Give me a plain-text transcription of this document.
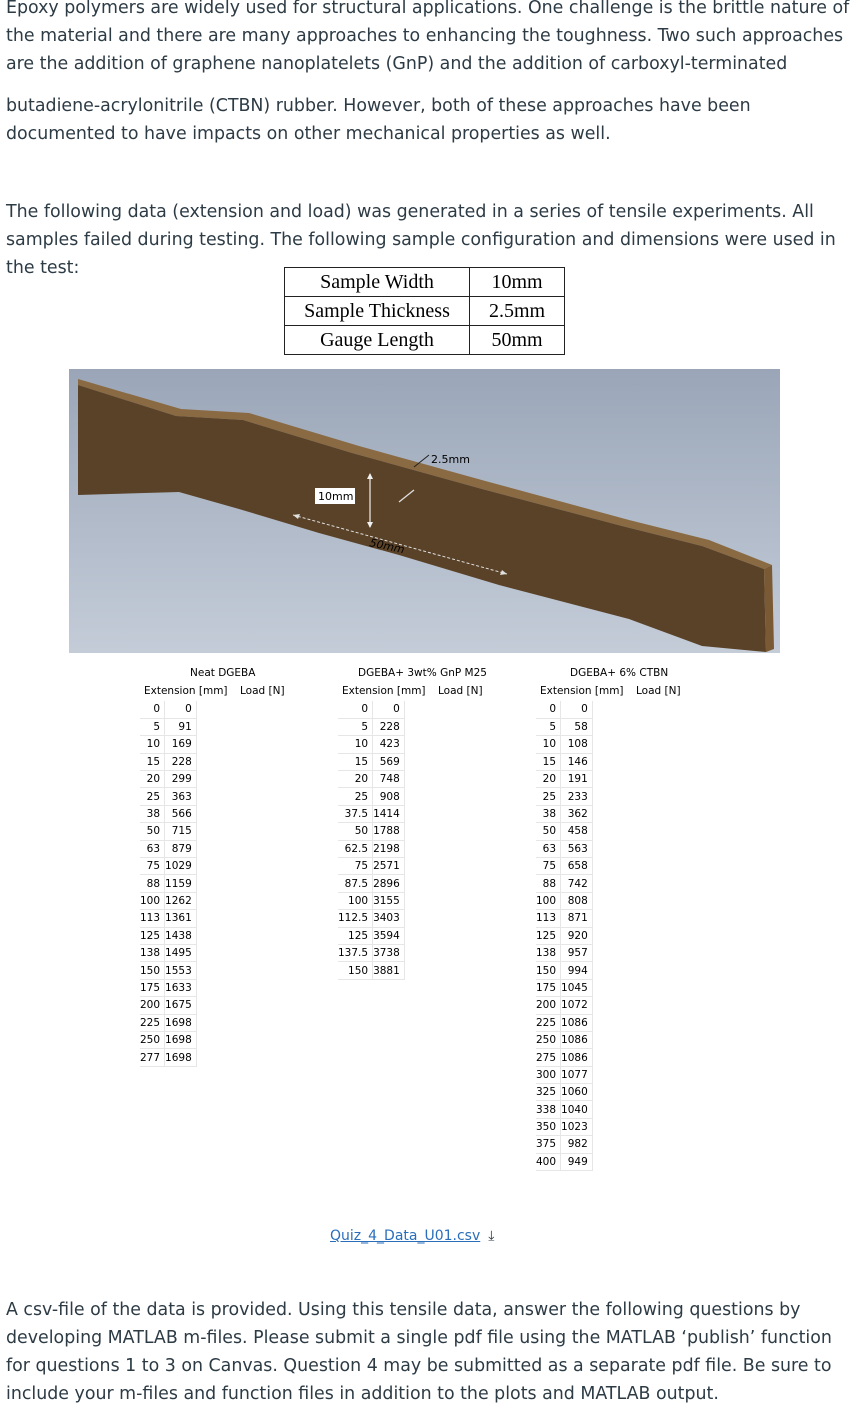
Epoxy polymers are widely used for structural applications. One challenge is the brittle nature of the material and there are many approaches to enhancing the toughness. Two such approaches are the addition of graphene nanoplatelets (GnP) and the addition of carboxyl-terminated

butadiene-acrylonitrile (CTBN) rubber. However, both of these approaches have been documented to have impacts on other mechanical properties as well.

The following data (extension and load) was generated in a series of tensile experiments. All samples failed during testing. The following sample configuration and dimensions were used in the test:

Sample Width	10mm
Sample Thickness	2.5mm
Gauge Length	50mm
10mm
2.5mm
50mm
Neat DGEBA
Extension [mm] Load [N]
0	0
5	91
10	169
15	228
20	299
25	363
38	566
50	715
63	879
75	1029
88	1159
100	1262
113	1361
125	1438
138	1495
150	1553
175	1633
200	1675
225	1698
250	1698
277	1698
DGEBA+ 3wt% GnP M25
Extension [mm] Load [N]
0	0
5	228
10	423
15	569
20	748
25	908
37.5	1414
50	1788
62.5	2198
75	2571
87.5	2896
100	3155
112.5	3403
125	3594
137.5	3738
150	3881
DGEBA+ 6% CTBN
Extension [mm] Load [N]
0	0
5	58
10	108
15	146
20	191
25	233
38	362
50	458
63	563
75	658
88	742
100	808
113	871
125	920
138	957
150	994
175	1045
200	1072
225	1086
250	1086
275	1086
300	1077
325	1060
338	1040
350	1023
375	982
400	949
Quiz_4_Data_U01.csv ⤓

A csv-file of the data is provided. Using this tensile data, answer the following questions by developing MATLAB m-files. Please submit a single pdf file using the MATLAB ‘publish’ function for questions 1 to 3 on Canvas. Question 4 may be submitted as a separate pdf file. Be sure to include your m-files and function files in addition to the plots and MATLAB output.
